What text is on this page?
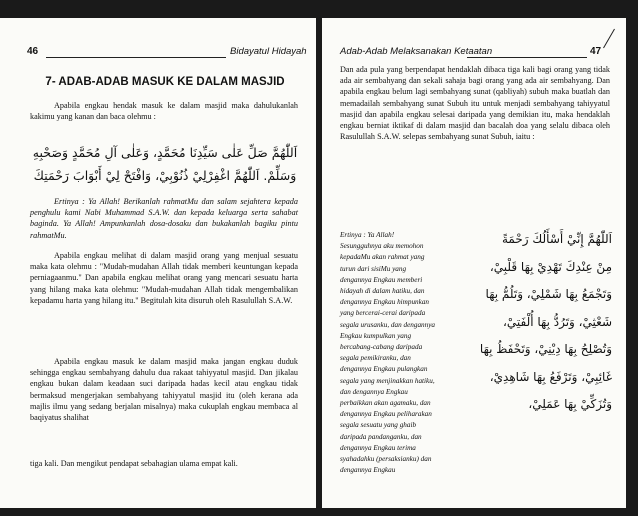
46	Bidayatul Hidayah
7- ADAB-ADAB MASUK KE DALAM MASJID
Apabila engkau hendak masuk ke dalam masjid maka dahulukanlah kakimu yang kanan dan baca olehmu :
اَللّٰهُمَّ صَلِّ عَلٰى سَيِّدِنَا مُحَمَّدٍ، وَعَلٰى آلِ مُحَمَّدٍ وَصَحْبِهِ
وَسَلِّمْ. اَللّٰهُمَّ اغْفِرْلِيْ ذُنُوْبِيْ، وَافْتَحْ لِيْ أَبْوَابَ رَحْمَتِكَ
Ertinya : Ya Allah! Berikanlah rahmatMu dan salam sejahtera kepada penghulu kami Nabi Muhammad S.A.W. dan kepada keluarga serta sahabat baginda. Ya Allah! Ampunkanlah dosa-dosaku dan bukakanlah bagiku pintu rahmatMu.
Apabila engkau melihat di dalam masjid orang yang menjual sesuatu maka kata olehmu : "Mudah-mudahan Allah tidak memberi keuntungan kepada perniagaanmu." Dan apabila engkau melihat orang yang mencari sesuatu harta yang hilang maka kata olehmu: "Mudah-mudahan Allah tidak mengembalikan kepadamu harta yang hilang itu." Begitulah kita disuruh oleh Rasulullah S.A.W.
Apabila engkau masuk ke dalam masjid maka jangan engkau duduk sehingga engkau sembahyang dahulu dua rakaat tahiyyatul masjid. Dan jikalau engkau bukan dalam keadaan suci daripada hadas kecil atau engkau tidak bermaksud mengerjakan sembahyang tahiyyatul masjid itu (oleh kerana ada majlis ilmu yang sedang berjalan misalnya) maka cukuplah engkau membaca al baqiyatus shalihat
tiga kali. Dan mengikut pendapat sebahagian ulama empat kali.
Adab-Adab Melaksanakan Ketaatan	47
Dan ada pula yang berpendapat hendaklah dibaca tiga kali bagi orang yang tidak ada air sembahyang dan sekali sahaja bagi orang yang ada air sembahyang. Dan apabila engkau belum lagi sembahyang sunat (qabliyah) subuh maka buatlah dan memadailah sembahyang sunat Subuh itu untuk menjadi sembahyang tahiyyatul masjid dan apabila engkau selesai daripada yang demikian itu, maka hendaklah engkau berniat iktikaf di dalam masjid dan bacalah doa yang selalu dibaca oleh Rasulullah S.A.W. selepas sembahyang sunat Subuh, iaitu :
Ertinya : Ya Allah! Sesungguhnya aku memohon kepadaMu akan rahmat yang turun dari sisiMu yang dengannya Engkau memberi hidayah di dalam hatiku, dan dengannya Engkau himpunkan yang bercerai-cerai daripada segala urusanku, dan dengannya Engkau kumpulkan yang bercabang-cabang daripada segala pemikiranku, dan dengannya Engkau pulangkan segala yang menjinakkan hatiku, dan dengannya Engkau perbaikkan akan agamaku, dan dengannya Engkau peliharakan segala sesuatu yang ghaib daripada pandanganku, dan dengannya Engkau terima syahadahku (persaksianku) dan dengannya Engkau
اَللّٰهُمَّ إِنِّيْ أَسْأَلُكَ رَحْمَةً
مِنْ عِنْدِكَ تَهْدِيْ بِهَا قَلْبِيْ،
وَتَجْمَعُ بِهَا شَمْلِيْ، وَتَلُمُّ بِهَا
شَعْثِيْ، وَتَرُدُّ بِهَا أُلْفَتِيْ،
وَتُصْلِحُ بِهَا دِيْنِيْ، وَتَحْفَظُ بِهَا
غَائِبِيْ، وَتَرْفَعُ بِهَا شَاهِدِيْ،
وَتُزَكِّيْ بِهَا عَمَلِيْ،
